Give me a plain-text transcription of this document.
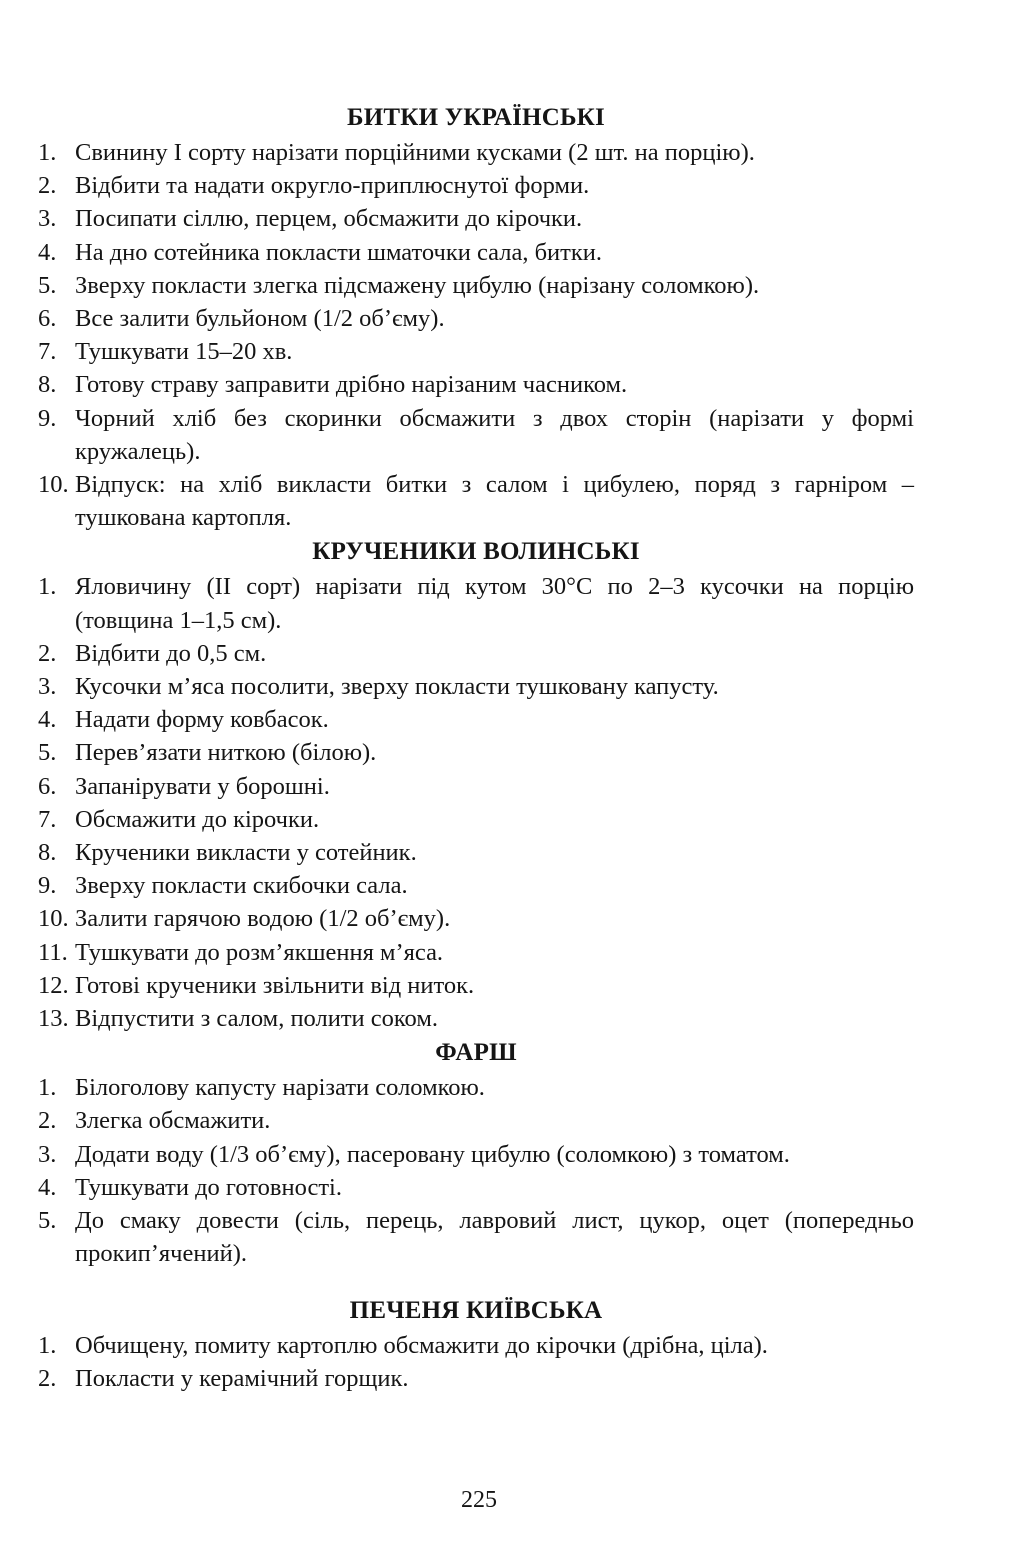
БИТКИ УКРАЇНСЬКІ
1. Свинину І сорту нарізати порційними кусками (2 шт. на порцію).
2. Відбити та надати округло-приплюснутої форми.
3. Посипати сіллю, перцем, обсмажити до кірочки.
4. На дно сотейника покласти шматочки сала, битки.
5. Зверху покласти злегка підсмажену цибулю (нарізану соломкою).
6. Все залити бульйоном (1/2 об’єму).
7. Тушкувати 15–20 хв.
8. Готову страву заправити дрібно нарізаним часником.
9. Чорний хліб без скоринки обсмажити з двох сторін (нарізати у формі кружалець).
10. Відпуск: на хліб викласти битки з салом і цибулею, поряд з гарніром – тушкована картопля.
КРУЧЕНИКИ ВОЛИНСЬКІ
1. Яловичину (ІІ сорт) нарізати під кутом 30°С по 2–3 кусочки на порцію (товщина 1–1,5 см).
2. Відбити до 0,5 см.
3. Кусочки м’яса посолити, зверху покласти тушковану капусту.
4. Надати форму ковбасок.
5. Перев’язати ниткою (білою).
6. Запанірувати у борошні.
7. Обсмажити до кірочки.
8. Крученики викласти у сотейник.
9. Зверху покласти скибочки сала.
10. Залити гарячою водою (1/2 об’єму).
11. Тушкувати до розм’якшення м’яса.
12. Готові крученики звільнити від ниток.
13. Відпустити з салом, полити соком.
ФАРШ
1. Білоголову капусту нарізати соломкою.
2. Злегка обсмажити.
3. Додати воду (1/3 об’єму), пасеровану цибулю (соломкою) з томатом.
4. Тушкувати до готовності.
5. До смаку довести (сіль, перець, лавровий лист, цукор, оцет (попередньо прокип’ячений).
ПЕЧЕНЯ КИЇВСЬКА
1. Обчищену, помиту картоплю обсмажити до кірочки (дрібна, ціла).
2. Покласти у керамічний горщик.
225
